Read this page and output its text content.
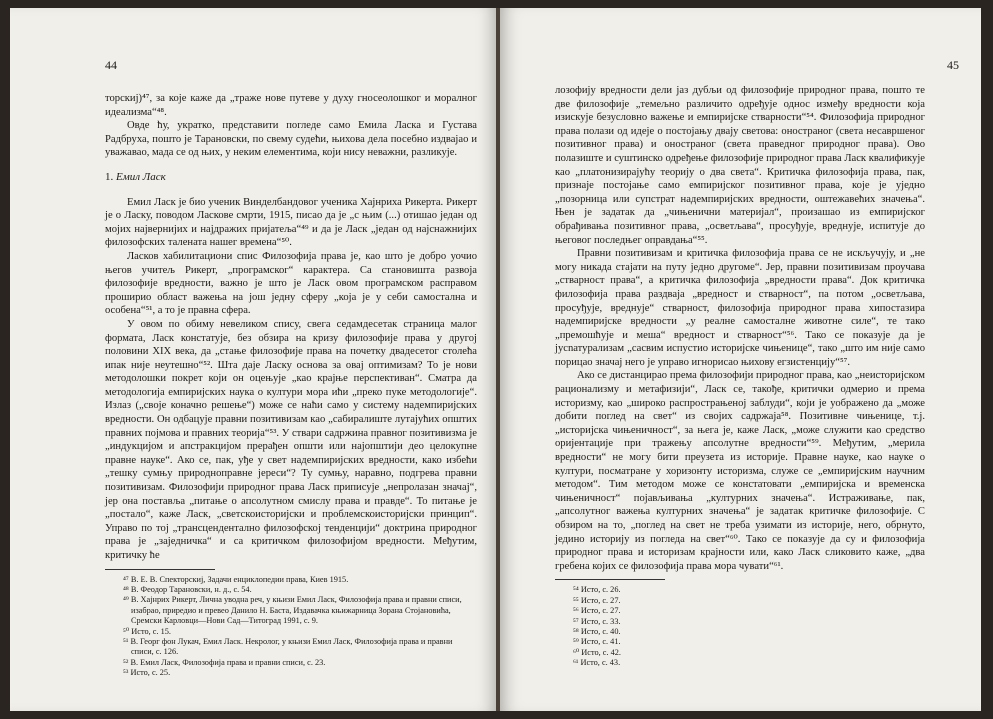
44

торскиј)⁴⁷, за које каже да „траже нове путеве у духу гносеолошког и моралног идеализма“⁴⁸.

Овде ћу, укратко, представити погледе само Емила Ласка и Густава Радбруха, пошто је Тарановски, по свему судећи, њихова дела посебно издвајао и уважавао, мада се од њих, у неким елементима, који нису неважни, разликује.

1. Емил Ласк

Емил Ласк је био ученик Винделбандовог ученика Хајнриха Рикерта. Рикерт је о Ласку, поводом Ласкове смрти, 1915, писао да је „с њим (...) отишао један од мојих најверниjих и најдражих пријатеља“⁴⁹ и да је Ласк „један од најснажнијих филозофских талената нашег времена“⁵⁰.

Ласков хабилитациони спис Филозофија права је, као што је добро уочио његов учитељ Рикерт, „програмског“ карактера. Са становишта развоја филозофије вредности, важно је што је Ласк овом програмском расправом проширио област важења на још једну сферу „која је у себи самостална и особена“⁵¹, а то је правна сфера.

У овом по обиму невеликом спису, свега седамдесетак страница малог формата, Ласк констатује, без обзира на кризу филозофије права у другој половини XIX века, да „стање филозофије права на почетку двадесетог столећа ипак није неутешно“⁵². Шта даје Ласку основа за овај оптимизам? То је нови методолошки покрет који он оцењује „као крајње перспективан“. Сматра да методологија емпиријских наука о култури мора ићи „преко пуке методологије“. Излаз („своје коначно решење“) може се наћи само у систему надемпиријских вредности. Он одбацује правни позитивизам као „сабиралиште лутајућих општих правних појмова и правних теорија“⁵³. У ствари садржина правног позитивизма је „индукцијом и апстракцијом прерађен општи или најопштији део целокупне правне науке“. Ако се, пак, уђе у свет надемпиријских вредности, како избећи „тешку сумњу природноправне јереси“? Ту сумњу, наравно, подгрева правни позитивизам. Филозофији природног права Ласк приписује „непролазан значај“, јер она поставља „питање о апсолутном смислу права и правде“. То питање је „постало“, каже Ласк, „светскоисторијски и проблемскоисторијски принцип“. Управо по тој „трансцендентално филозофској тенденцији“ доктрина природног права је „заједничка“ и са критичком филозофијом вредности. Међутим, критичку ће

⁴⁷ В. Е. В. Спекторскиј, Задачи енциклопедии права, Киев 1915.
⁴⁸ В. Феодор Тарановски, н. д., с. 54.
⁴⁹ В. Хајнрих Рикерт, Лична уводна реч, у књизи Емил Ласк, Филозофија права и правни списи, изабрао, приредио и превео Данило Н. Баста, Издавачка књижарница Зорана Стојановића, Сремски Карловци—Нови Сад—Титоград 1991, с. 9.
⁵⁰ Исто, с. 15.
⁵¹ В. Георг фон Лукач, Емил Ласк. Некролог, у књизи Емил Ласк, Филозофија права и правни списи, с. 126.
⁵² В. Емил Ласк, Филозофија права и правни списи, с. 23.
⁵³ Исто, с. 25.
45

лозофију вредности дели јаз дубљи од филозофије природног права, пошто те две филозофије „темељно различито одређује однос између вредности која изискује безусловно важење и емпиријске стварности“⁵⁴. Филозофија природног права полази од идеје о постојању двају светова: оностраног (света несавршеног позитивног права) и оностраног (света праведног природног права). Ово полазиште и суштинско одређење филозофије природног права Ласк квалификује као „платонизирајућу теорију о два света“. Критичка филозофија права, пак, признаје постојање само емпиријског позитивног права, које је уједно „позорница или супстрат надемпиријских вредности, оштежавећих значења“. Њен је задатак да „чињенични материјал“, произашао из емпиријског обрађивања позитивног права, „осветљава“, просуђује, вреднује, испитује до његовог последњег оправдања“⁵⁵.

Правни позитивизам и критичка филозофија права се не искључују, и „не могу никада стајати на путу једно другоме“. Јер, правни позитивизам проучава „стварност права“, а критичка филозофија „вредности права“. Док критичка филозофија права раздваја „вредност и стварност“, па потом „осветљава, просуђује, вреднује“ стварност, филозофија природног права хипостазира надемпиријске вредности „у реалне самосталне животне силе“, те тако „премошћује и меша“ вредност и стварност“⁵⁶. Тако се показује да је јусnатурализам „сасвим испустио историјске чињенице“, тако „што им није само порицао значај него је управо игнорисао њихову егзистенцију“⁵⁷.

Ако се дистанцирао према филозофији природног права, као „неисторијском рационализму и метафизији“, Ласк се, такође, критички одмерио и према историзму, као „широко распрострањеној заблуди“, који је уображено да „може добити поглед на свет“ из својих садржаја⁵⁸. Позитивне чињенице, т.ј. „историјска чињеничност“, за њега је, каже Ласк, „може служити као средство оријентације при тражењу апсолутне вредности“⁵⁹. Међутим, „мерила вредности“ не могу бити преузета из историје. Правне науке, као науке о култури, посматране у хоризонту историзма, служе се „емпиријским научним методом“. Тим методом може се констатовати „емпиријска и временска чињеничност“ појављивања „културних значења“. Истраживање, пак, „апсолутног важења културних значења“ је задатак критичке филозофије. С обзиром на то, „поглед на свет не треба узимати из историје, него, обрнуто, једино историју из погледа на свет“⁶⁰. Тако се показује да су и филозофија природног права и историзам крајности или, како Ласк сликовито каже, „два гребена којих се филозофија права мора чувати“⁶¹.

⁵⁴ Исто, с. 26.
⁵⁵ Исто, с. 27.
⁵⁶ Исто, с. 27.
⁵⁷ Исто, с. 33.
⁵⁸ Исто, с. 40.
⁵⁹ Исто, с. 41.
⁶⁰ Исто, с. 42.
⁶¹ Исто, с. 43.
